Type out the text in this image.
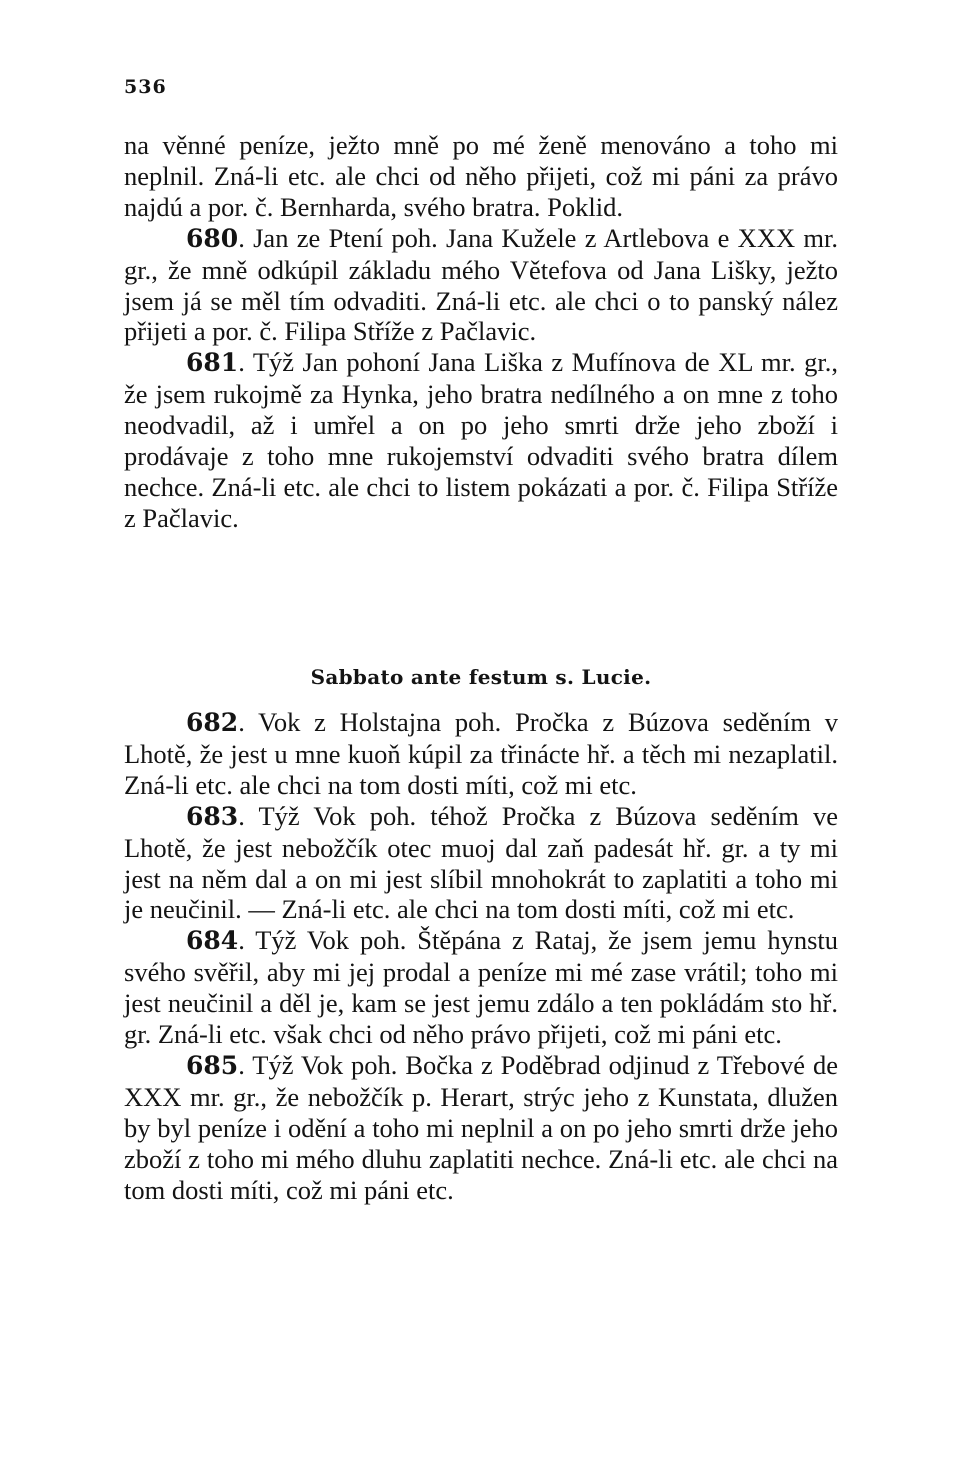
536

na věnné peníze, ježto mně po mé ženě menováno a toho mi neplnil. Zná-li etc. ale chci od něho přijeti, což mi páni za právo najdú a por. č. Bernharda, svého bratra. Poklid.

680. Jan ze Ptení poh. Jana Kužele z Artlebova e XXX mr. gr., že mně odkúpil základu mého Větefova od Jana Lišky, ježto jsem já se měl tím odvaditi. Zná-li etc. ale chci o to panský nález přijeti a por. č. Filipa Stříže z Pačlavic.

681. Týž Jan pohoní Jana Liška z Mufínova de XL mr. gr., že jsem rukojmě za Hynka, jeho bratra nedílného a on mne z toho neodvadil, až i umřel a on po jeho smrti drže jeho zboží i prodávaje z toho mne rukojemství odvaditi svého bratra dílem nechce. Zná-li etc. ale chci to listem pokázati a por. č. Filipa Stříže z Pačlavic.

Sabbato ante festum s. Lucie.

682. Vok z Holstajna poh. Pročka z Búzova seděním v Lhotě, že jest u mne kuoň kúpil za třinácte hř. a těch mi nezaplatil. Zná-li etc. ale chci na tom dosti míti, což mi etc.

683. Týž Vok poh. téhož Pročka z Búzova seděním ve Lhotě, že jest nebožčík otec muoj dal zaň padesát hř. gr. a ty mi jest na něm dal a on mi jest slíbil mnohokrát to zaplatiti a toho mi je neučinil. — Zná-li etc. ale chci na tom dosti míti, což mi etc.

684. Týž Vok poh. Štěpána z Rataj, že jsem jemu hynstu svého svěřil, aby mi jej prodal a peníze mi mé zase vrátil; toho mi jest neučinil a děl je, kam se jest jemu zdálo a ten pokládám sto hř. gr. Zná-li etc. však chci od něho právo přijeti, což mi páni etc.

685. Týž Vok poh. Bočka z Poděbrad odjinud z Třebové de XXX mr. gr., že nebožčík p. Herart, strýc jeho z Kunstata, dlužen by byl peníze i odění a toho mi neplnil a on po jeho smrti drže jeho zboží z toho mi mého dluhu zaplatiti nechce. Zná-li etc. ale chci na tom dosti míti, což mi páni etc.
